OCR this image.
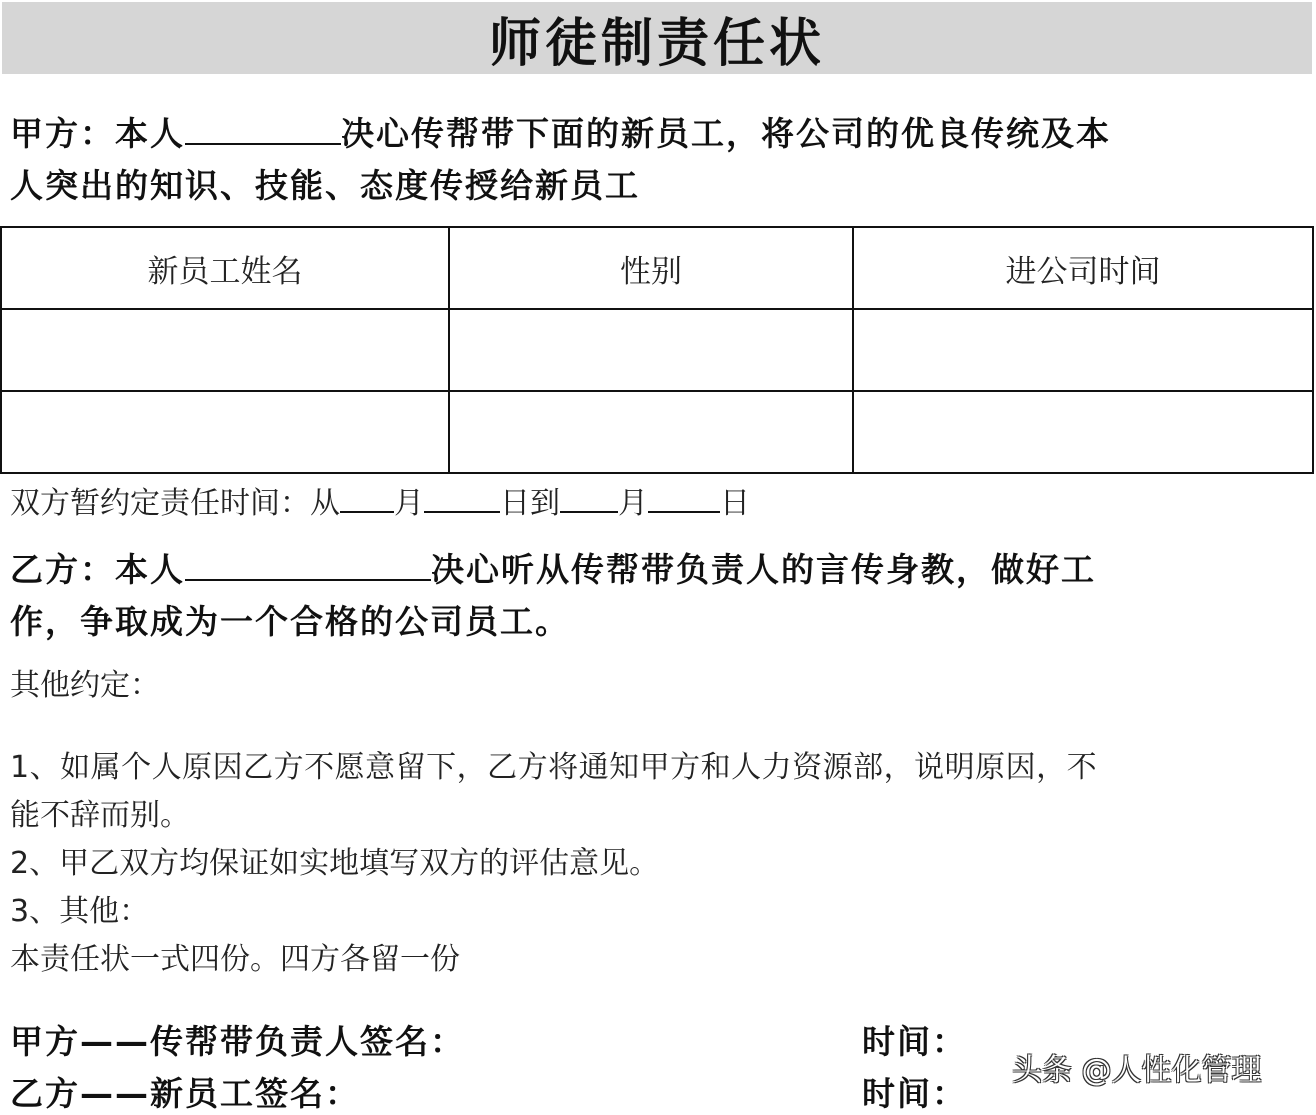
师徒制责任状
甲方：本人	决心传帮带下面的新员工，将公司的优良传统及本
人突出的知识、技能、态度传授给新员工
新员工姓名	性别	进公司时间

双方暂约定责任时间：从 月	日到 月 日
乙方：本人	决心听从传帮带负责人的言传身教，做好工
作，争取成为一个合格的公司员工。
其他约定：
1、如属个人原因乙方不愿意留下，乙方将通知甲方和人力资源部，说明原因，不
能不辞而别。
2、甲乙双方均保证如实地填写双方的评估意见。
3、其他：
本责任状一式四份。四方各留一份
甲方——传帮带负责人签名：	时间：
乙方——新员工签名：	时间：
头条 @人性化管理
